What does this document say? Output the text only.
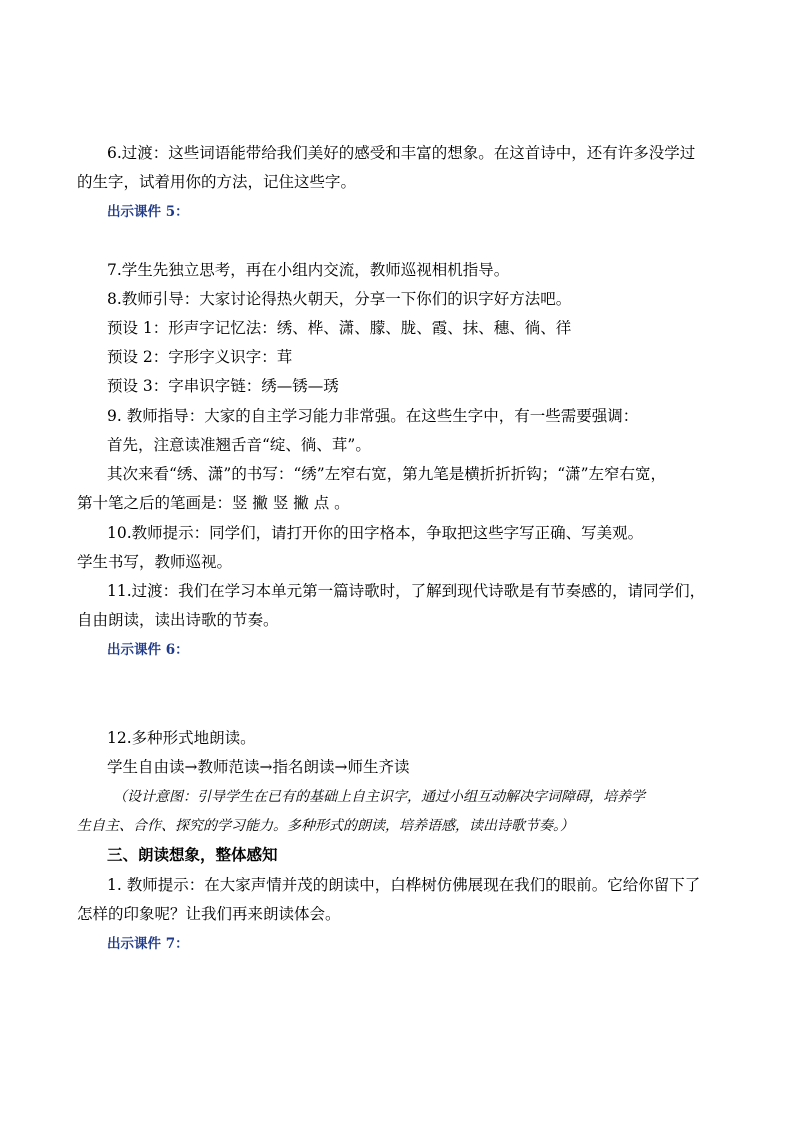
6.过渡：这些词语能带给我们美好的感受和丰富的想象。在这首诗中，还有许多没学过
的生字，试着用你的方法，记住这些字。
出示课件 5：
7.学生先独立思考，再在小组内交流，教师巡视相机指导。
8.教师引导：大家讨论得热火朝天，分享一下你们的识字好方法吧。
预设 1：形声字记忆法：绣、桦、潇、朦、胧、霞、抹、穗、徜、徉
预设 2：字形字义识字：茸
预设 3：字串识字链：绣—锈—琇
9. 教师指导：大家的自主学习能力非常强。在这些生字中，有一些需要强调：
首先，注意读准翘舌音“绽、徜、茸”。
其次来看“绣、潇”的书写：“绣”左窄右宽，第九笔是横折折折钩；“潇”左窄右宽，
第十笔之后的笔画是：竖 撇 竖 撇 点 。
10.教师提示：同学们，请打开你的田字格本，争取把这些字写正确、写美观。
学生书写，教师巡视。
11.过渡：我们在学习本单元第一篇诗歌时，了解到现代诗歌是有节奏感的，请同学们，
自由朗读，读出诗歌的节奏。
出示课件 6：
12.多种形式地朗读。
学生自由读→教师范读→指名朗读→师生齐读
（设计意图：引导学生在已有的基础上自主识字，通过小组互动解决字词障碍，培养学
生自主、合作、探究的学习能力。多种形式的朗读，培养语感，读出诗歌节奏。）
三、朗读想象，整体感知
1. 教师提示：在大家声情并茂的朗读中，白桦树仿佛展现在我们的眼前。它给你留下了
怎样的印象呢？让我们再来朗读体会。
出示课件 7：
